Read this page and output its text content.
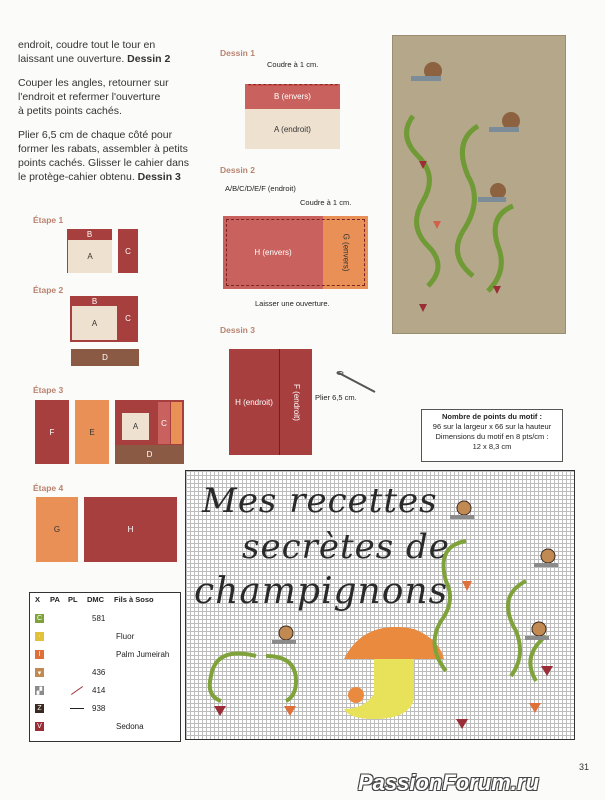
endroit, coudre tout le tour en
laissant une ouverture. Dessin 2
Couper les angles, retourner sur
l'endroit et refermer l'ouverture
à petits points cachés.
Plier 6,5 cm de chaque côté pour
former les rabats, assembler à petits
points cachés. Glisser le cahier dans
le protège-cahier obtenu. Dessin 3
Étape 1
B
A
C
Étape 2
B
A	C
D
Étape 3
F	E
A	C
D
Étape 4
G	H
Dessin 1
Coudre à 1 cm.
B (envers)
A (endroit)
Dessin 2
A/B/C/D/E/F (endroit)
Coudre à 1 cm.
H (envers)	G (envers)
Laisser une ouverture.
Dessin 3
H (endroit)	F (endroit) Plier 6,5 cm.
Nombre de points du motif :
96 sur la largeur x 66 sur la hauteur
Dimensions du motif en 8 pts/cm :
12 x 8,3 cm
Mes recettes
secrètes de
champignons
X PA PL DMC Fils à Soso
C	581
·	Fluor
I	Palm Jumeirah
▾	436
▞	414
Z	938
V	Sedona
31
PassionForum.ru
